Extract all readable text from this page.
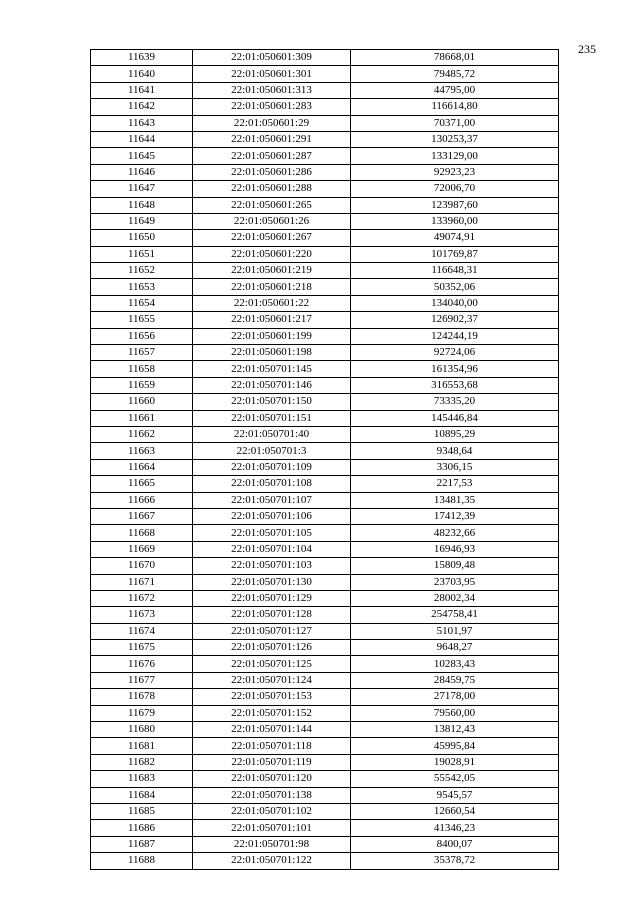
235
11639	22:01:050601:309	78668,01
11640	22:01:050601:301	79485,72
11641	22:01:050601:313	44795,00
11642	22:01:050601:283	116614,80
11643	22:01:050601:29	70371,00
11644	22:01:050601:291	130253,37
11645	22:01:050601:287	133129,00
11646	22:01:050601:286	92923,23
11647	22:01:050601:288	72006,70
11648	22:01:050601:265	123987,60
11649	22:01:050601:26	133960,00
11650	22:01:050601:267	49074,91
11651	22:01:050601:220	101769,87
11652	22:01:050601:219	116648,31
11653	22:01:050601:218	50352,06
11654	22:01:050601:22	134040,00
11655	22:01:050601:217	126902,37
11656	22:01:050601:199	124244,19
11657	22:01:050601:198	92724,06
11658	22:01:050701:145	161354,96
11659	22:01:050701:146	316553,68
11660	22:01:050701:150	73335,20
11661	22:01:050701:151	145446,84
11662	22:01:050701:40	10895,29
11663	22:01:050701:3	9348,64
11664	22:01:050701:109	3306,15
11665	22:01:050701:108	2217,53
11666	22:01:050701:107	13481,35
11667	22:01:050701:106	17412,39
11668	22:01:050701:105	48232,66
11669	22:01:050701:104	16946,93
11670	22:01:050701:103	15809,48
11671	22:01:050701:130	23703,95
11672	22:01:050701:129	28002,34
11673	22:01:050701:128	254758,41
11674	22:01:050701:127	5101,97
11675	22:01:050701:126	9648,27
11676	22:01:050701:125	10283,43
11677	22:01:050701:124	28459,75
11678	22:01:050701:153	27178,00
11679	22:01:050701:152	79560,00
11680	22:01:050701:144	13812,43
11681	22:01:050701:118	45995,84
11682	22:01:050701:119	19028,91
11683	22:01:050701:120	55542,05
11684	22:01:050701:138	9545,57
11685	22:01:050701:102	12660,54
11686	22:01:050701:101	41346,23
11687	22:01:050701:98	8400,07
11688	22:01:050701:122	35378,72
